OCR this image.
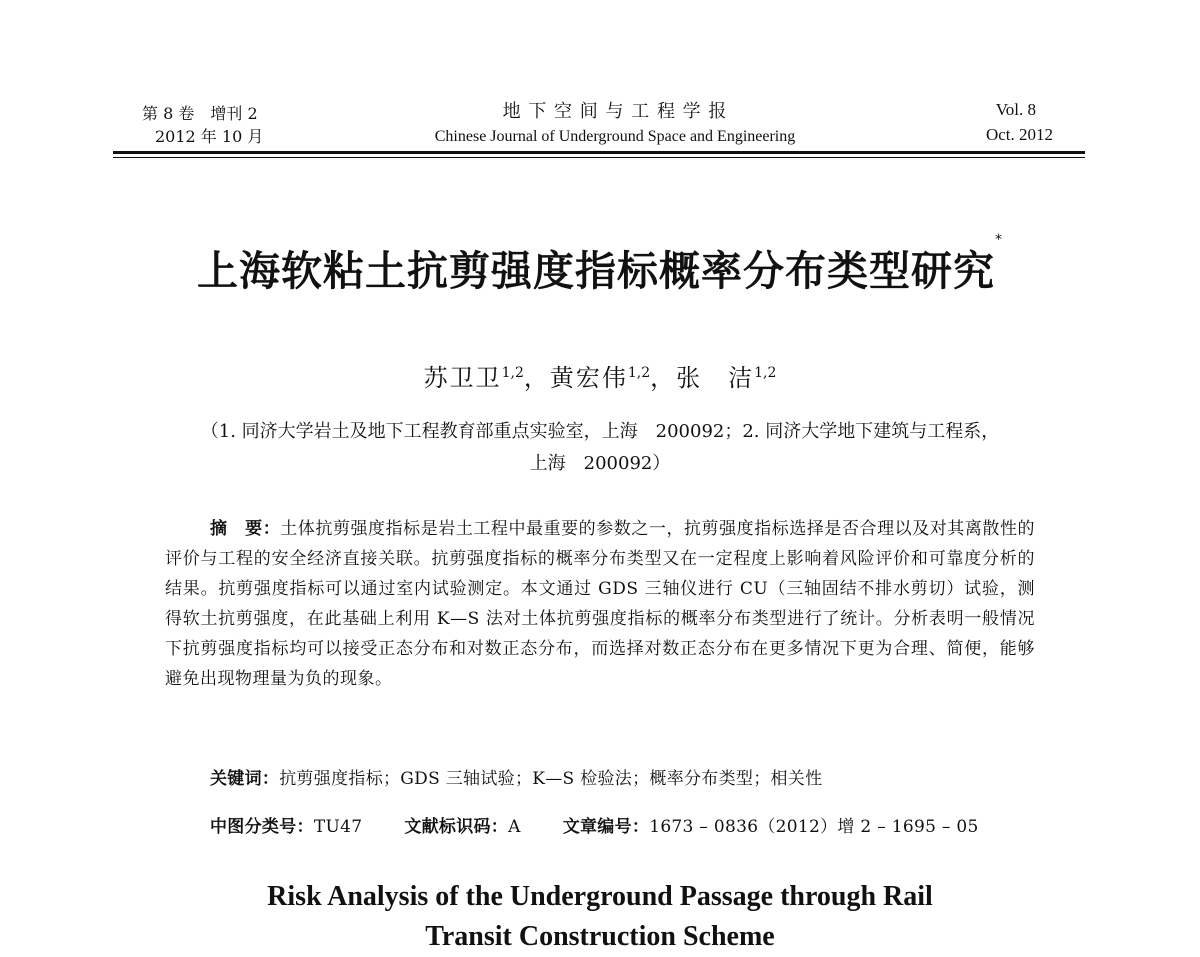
第 8 卷　增刊 2
2012 年 10 月
地 下 空 间 与 工 程 学 报
Chinese Journal of Underground Space and Engineering
Vol. 8
Oct. 2012
上海软粘土抗剪强度指标概率分布类型研究*
苏卫卫$^{1,2}$，黄宏伟$^{1,2}$，张　洁$^{1,2}$
（1. 同济大学岩土及地下工程教育部重点实验室，上海　200092；2. 同济大学地下建筑与工程系，
上海　200092）
摘　要：土体抗剪强度指标是岩土工程中最重要的参数之一，抗剪强度指标选择是否合理以及对其离散性的评价与工程的安全经济直接关联。抗剪强度指标的概率分布类型又在一定程度上影响着风险评价和可靠度分析的结果。抗剪强度指标可以通过室内试验测定。本文通过 GDS 三轴仪进行 CU（三轴固结不排水剪切）试验，测得软土抗剪强度，在此基础上利用 K—S 法对土体抗剪强度指标的概率分布类型进行了统计。分析表明一般情况下抗剪强度指标均可以接受正态分布和对数正态分布，而选择对数正态分布在更多情况下更为合理、简便，能够避免出现物理量为负的现象。
关键词：抗剪强度指标；GDS 三轴试验；K—S 检验法；概率分布类型；相关性
中图分类号：TU47 文献标识码：A 文章编号：1673 – 0836（2012）增 2 – 1695 – 05
Risk Analysis of the Underground Passage through Rail
Transit Construction Scheme
